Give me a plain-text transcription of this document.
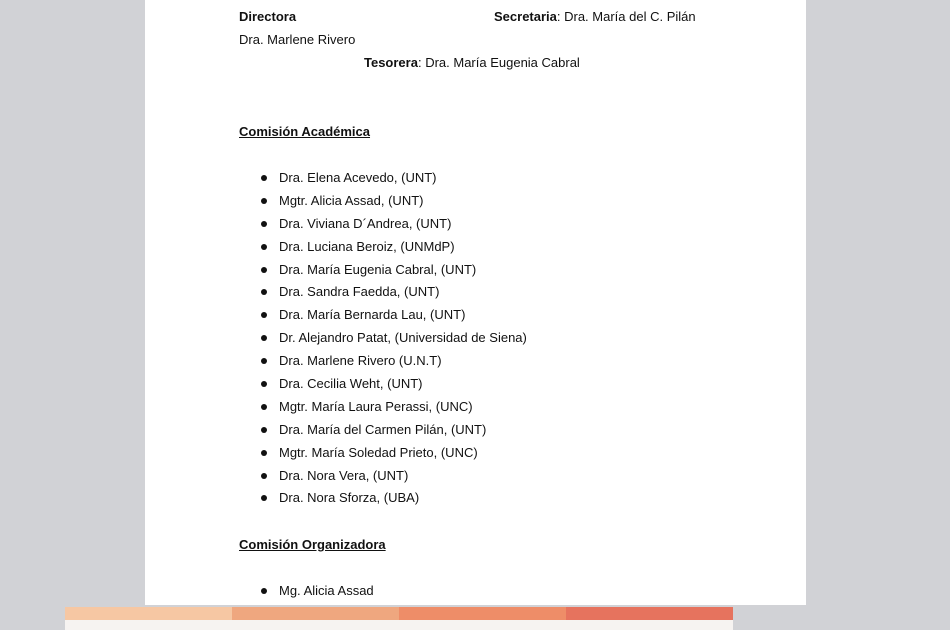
Directora
Dra. Marlene Rivero
Secretaria: Dra. María del C. Pilán
Tesorera: Dra. María Eugenia Cabral
Comisión Académica
Dra. Elena Acevedo, (UNT)
Mgtr. Alicia Assad, (UNT)
Dra. Viviana D´Andrea, (UNT)
Dra. Luciana Beroiz, (UNMdP)
Dra. María Eugenia Cabral, (UNT)
Dra. Sandra Faedda, (UNT)
Dra. María Bernarda Lau, (UNT)
Dr. Alejandro Patat, (Universidad de Siena)
Dra. Marlene Rivero (U.N.T)
Dra. Cecilia Weht, (UNT)
Mgtr. María Laura Perassi, (UNC)
Dra. María del Carmen Pilán, (UNT)
Mgtr. María Soledad Prieto, (UNC)
Dra. Nora Vera, (UNT)
Dra. Nora Sforza, (UBA)
Comisión Organizadora
Mg. Alicia Assad
